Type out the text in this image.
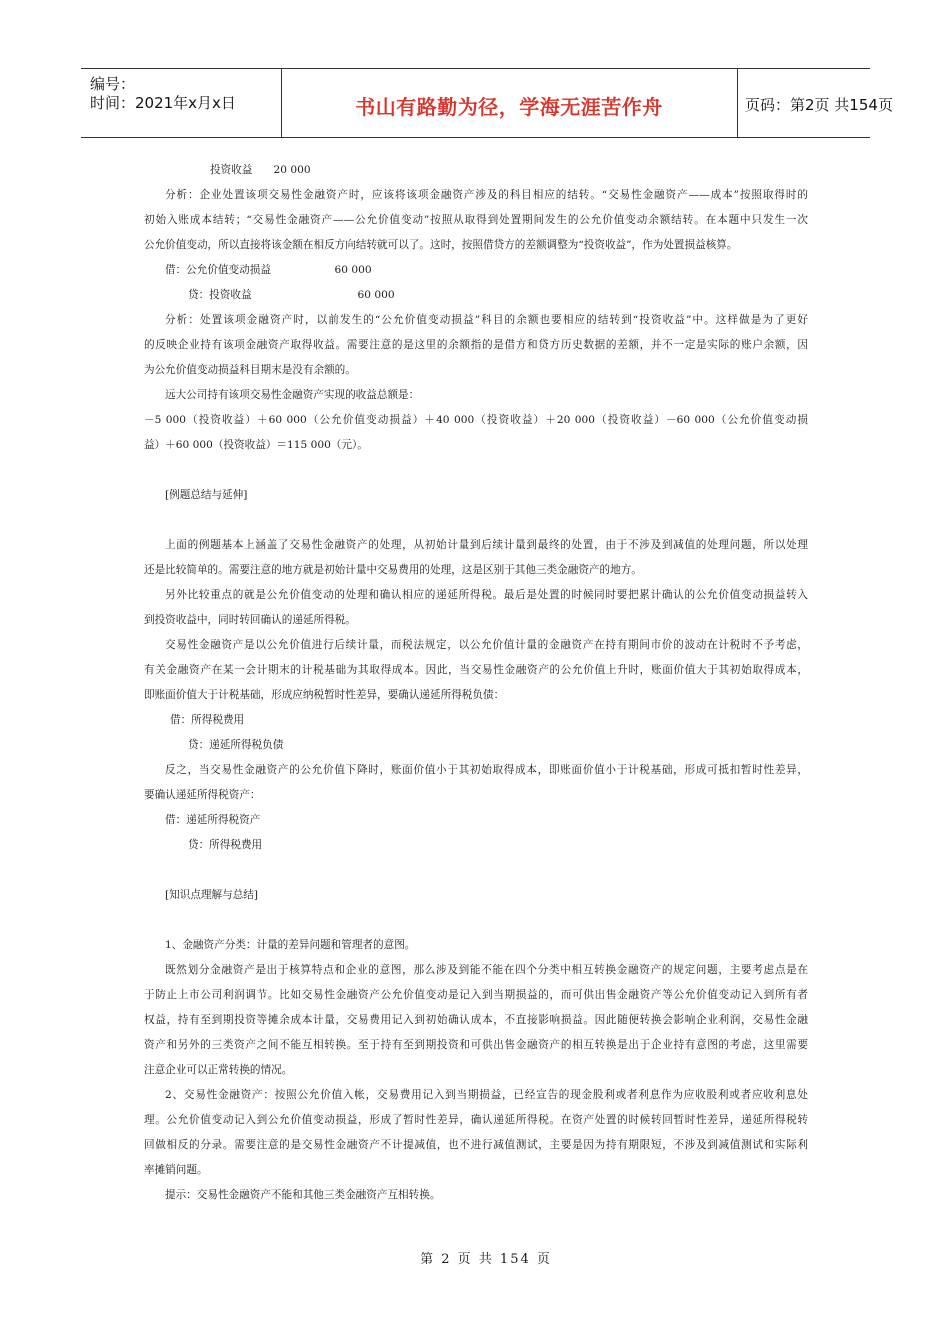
编号：
时间：2021年x月x日	书山有路勤为径，学海无涯苦作舟	页码：第2页 共154页
投资收益　　20 000
分析：企业处置该项交易性金融资产时，应该将该项金融资产涉及的科目相应的结转。“交易性金融资产——成本”按照取得时的
初始入账成本结转；“交易性金融资产——公允价值变动”按照从取得到处置期间发生的公允价值变动余额结转。在本题中只发生一次
公允价值变动，所以直接将该金额在相反方向结转就可以了。这时，按照借贷方的差额调整为“投资收益”，作为处置损益核算。
借：公允价值变动损益　　　　　　60 000
贷：投资收益　　　　　　　　　　60 000
分析：处置该项金融资产时，以前发生的“公允价值变动损益”科目的余额也要相应的结转到“投资收益”中。这样做是为了更好
的反映企业持有该项金融资产取得收益。需要注意的是这里的余额指的是借方和贷方历史数据的差额，并不一定是实际的账户余额，因
为公允价值变动损益科目期末是没有余额的。
远大公司持有该项交易性金融资产实现的收益总额是：
－5 000（投资收益）＋60 000（公允价值变动损益）＋40 000（投资收益）＋20 000（投资收益）－60 000（公允价值变动损
益）＋60 000（投资收益）＝115 000（元）。
[例题总结与延伸]
上面的例题基本上涵盖了交易性金融资产的处理，从初始计量到后续计量到最终的处置，由于不涉及到减值的处理问题，所以处理
还是比较简单的。需要注意的地方就是初始计量中交易费用的处理，这是区别于其他三类金融资产的地方。
另外比较重点的就是公允价值变动的处理和确认相应的递延所得税。最后是处置的时候同时要把累计确认的公允价值变动损益转入
到投资收益中，同时转回确认的递延所得税。
交易性金融资产是以公允价值进行后续计量，而税法规定，以公允价值计量的金融资产在持有期间市价的波动在计税时不予考虑，
有关金融资产在某一会计期末的计税基础为其取得成本。因此，当交易性金融资产的公允价值上升时，账面价值大于其初始取得成本，
即账面价值大于计税基础，形成应纳税暂时性差异，要确认递延所得税负债：
借：所得税费用
贷：递延所得税负债
反之，当交易性金融资产的公允价值下降时，账面价值小于其初始取得成本，即账面价值小于计税基础，形成可抵扣暂时性差异，
要确认递延所得税资产：
借：递延所得税资产
贷：所得税费用
[知识点理解与总结]
1、金融资产分类：计量的差异问题和管理者的意图。
既然划分金融资产是出于核算特点和企业的意图，那么涉及到能不能在四个分类中相互转换金融资产的规定问题，主要考虑点是在
于防止上市公司利润调节。比如交易性金融资产公允价值变动是记入到当期损益的，而可供出售金融资产等公允价值变动记入到所有者
权益，持有至到期投资等摊余成本计量，交易费用记入到初始确认成本，不直接影响损益。因此随便转换会影响企业利润，交易性金融
资产和另外的三类资产之间不能互相转换。至于持有至到期投资和可供出售金融资产的相互转换是出于企业持有意图的考虑，这里需要
注意企业可以正常转换的情况。
2、交易性金融资产：按照公允价值入帐，交易费用记入到当期损益，已经宣告的现金股利或者利息作为应收股利或者应收利息处
理。公允价值变动记入到公允价值变动损益，形成了暂时性差异，确认递延所得税。在资产处置的时候转回暂时性差异，递延所得税转
回做相反的分录。需要注意的是交易性金融资产不计提减值，也不进行减值测试，主要是因为持有期限短，不涉及到减值测试和实际利
率摊销问题。
提示：交易性金融资产不能和其他三类金融资产互相转换。
第 2 页 共 154 页
